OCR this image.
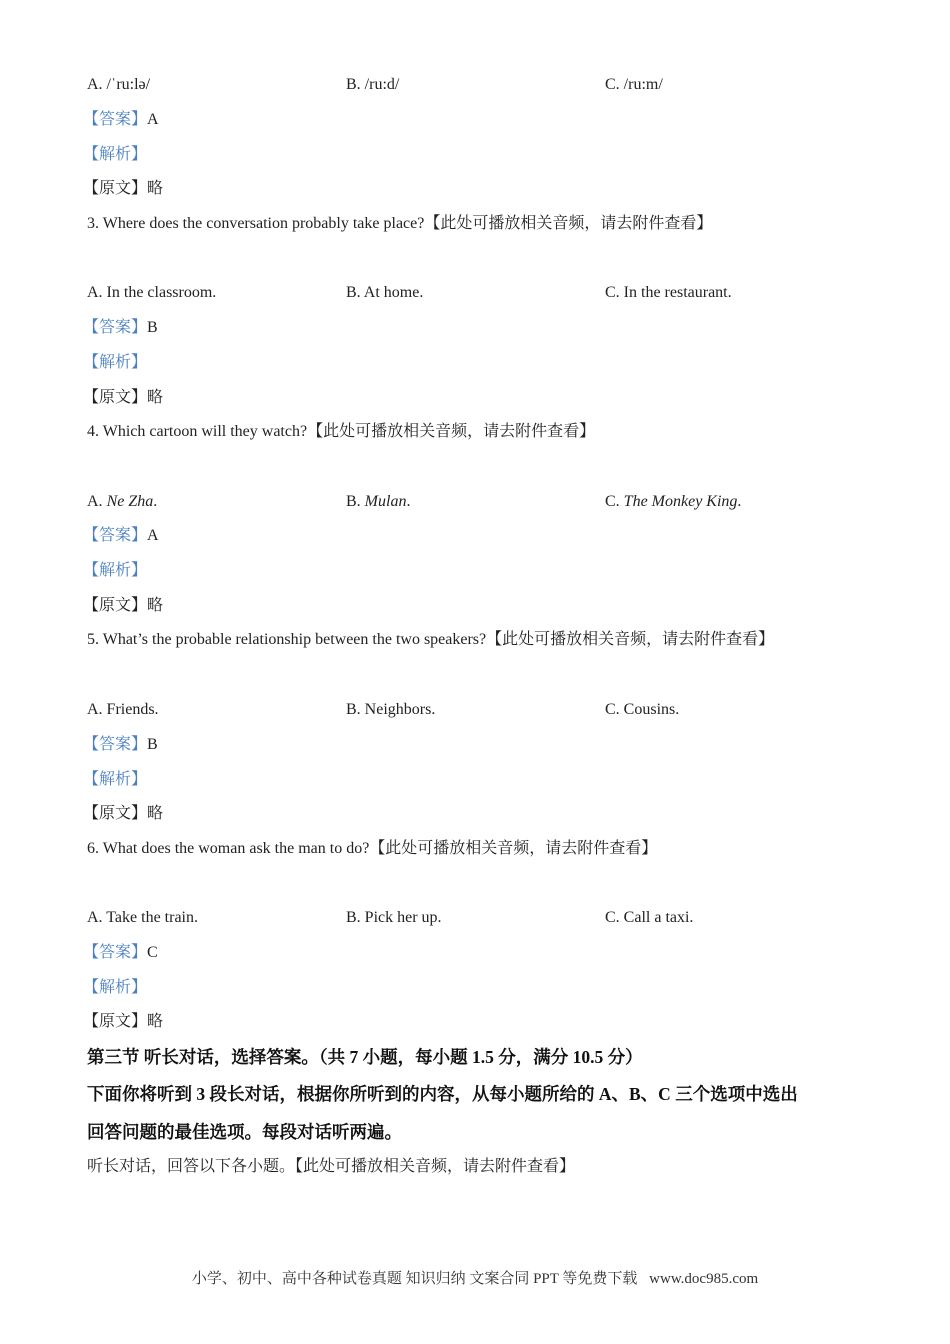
A. /ˈru:lə/	B. /ru:d/	C. /ru:m/
【答案】A
【解析】
【原文】略
3. Where does the conversation probably take place?【此处可播放相关音频，请去附件查看】
A. In the classroom.	B. At home.	C. In the restaurant.
【答案】B
【解析】
【原文】略
4. Which cartoon will they watch?【此处可播放相关音频，请去附件查看】
A. Ne Zha.	B. Mulan.	C. The Monkey King.
【答案】A
【解析】
【原文】略
5. What’s the probable relationship between the two speakers?【此处可播放相关音频，请去附件查看】
A. Friends.	B. Neighbors.	C. Cousins.
【答案】B
【解析】
【原文】略
6. What does the woman ask the man to do?【此处可播放相关音频，请去附件查看】
A. Take the train.	B. Pick her up.	C. Call a taxi.
【答案】C
【解析】
【原文】略
第三节 听长对话，选择答案。（共 7 小题，每小题 1.5 分，满分 10.5 分）
下面你将听到 3 段长对话，根据你所听到的内容，从每小题所给的 A、B、C 三个选项中选出
回答问题的最佳选项。每段对话听两遍。
听长对话，回答以下各小题。【此处可播放相关音频，请去附件查看】
小学、初中、高中各种试卷真题 知识归纳 文案合同 PPT 等免费下载 www.doc985.com
